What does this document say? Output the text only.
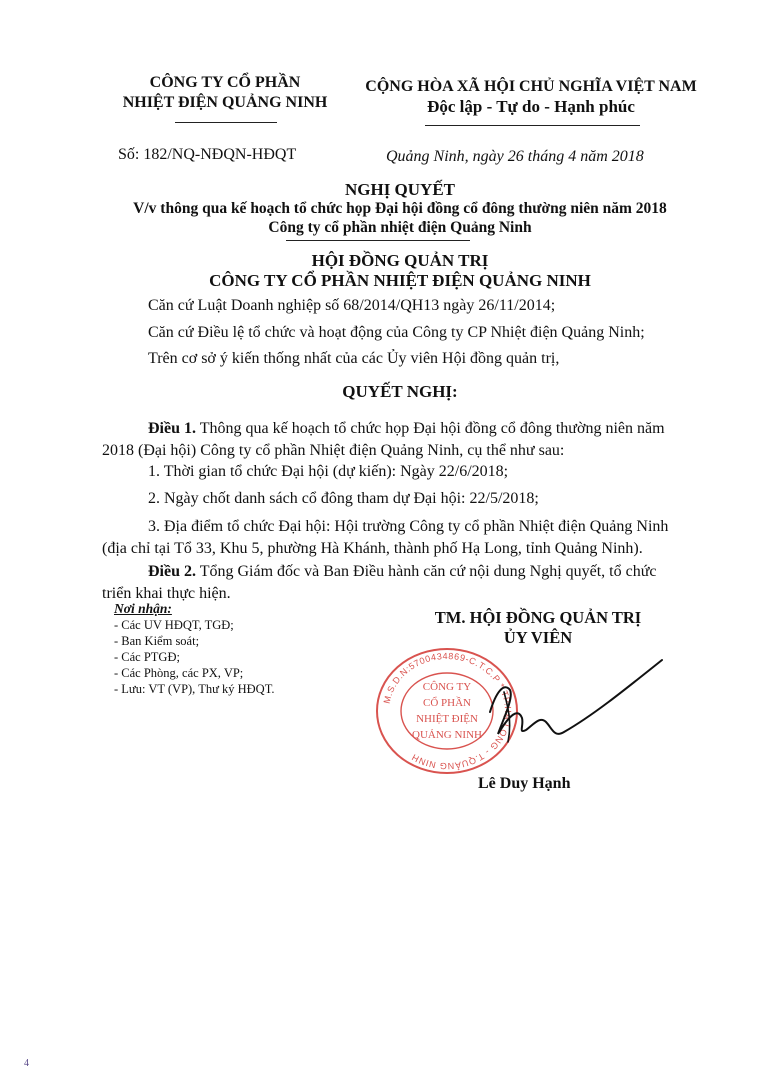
CÔNG TY CỔ PHẦN
NHIỆT ĐIỆN QUẢNG NINH
CỘNG HÒA XÃ HỘI CHỦ NGHĨA VIỆT NAM
Độc lập - Tự do - Hạnh phúc
Số: 182/NQ-NĐQN-HĐQT	Quảng Ninh, ngày 26 tháng 4 năm 2018
NGHỊ QUYẾT
V/v thông qua kế hoạch tổ chức họp Đại hội đồng cổ đông thường niên năm 2018
Công ty cổ phần nhiệt điện Quảng Ninh
HỘI ĐỒNG QUẢN TRỊ
CÔNG TY CỔ PHẦN NHIỆT ĐIỆN QUẢNG NINH
Căn cứ Luật Doanh nghiệp số 68/2014/QH13 ngày 26/11/2014;
Căn cứ Điều lệ tổ chức và hoạt động của Công ty CP Nhiệt điện Quảng Ninh;
Trên cơ sở ý kiến thống nhất của các Ủy viên Hội đồng quản trị,
QUYẾT NGHỊ:
Điều 1. Thông qua kế hoạch tổ chức họp Đại hội đồng cổ đông thường niên năm 2018 (Đại hội) Công ty cổ phần Nhiệt điện Quảng Ninh, cụ thể như sau:
1. Thời gian tổ chức Đại hội (dự kiến): Ngày 22/6/2018;
2. Ngày chốt danh sách cổ đông tham dự Đại hội: 22/5/2018;
3. Địa điểm tổ chức Đại hội: Hội trường Công ty cổ phần Nhiệt điện Quảng Ninh (địa chỉ tại Tổ 33, Khu 5, phường Hà Khánh, thành phố Hạ Long, tỉnh Quảng Ninh).
Điều 2. Tổng Giám đốc và Ban Điều hành căn cứ nội dung Nghị quyết, tổ chức triển khai thực hiện.
Nơi nhận:
- Các UV HĐQT, TGĐ;
- Ban Kiểm soát;
- Các PTGĐ;
- Các Phòng, các PX, VP;
- Lưu: VT (VP), Thư ký HĐQT.
TM. HỘI ĐỒNG QUẢN TRỊ
ỦY VIÊN
M.S.D.N:5700434869-C.T.C.P * TP.HẠ LONG - T.QUẢNG NINH
CÔNG TY
CỔ PHẦN
NHIỆT ĐIỆN
QUẢNG NINH
Lê Duy Hạnh
4
